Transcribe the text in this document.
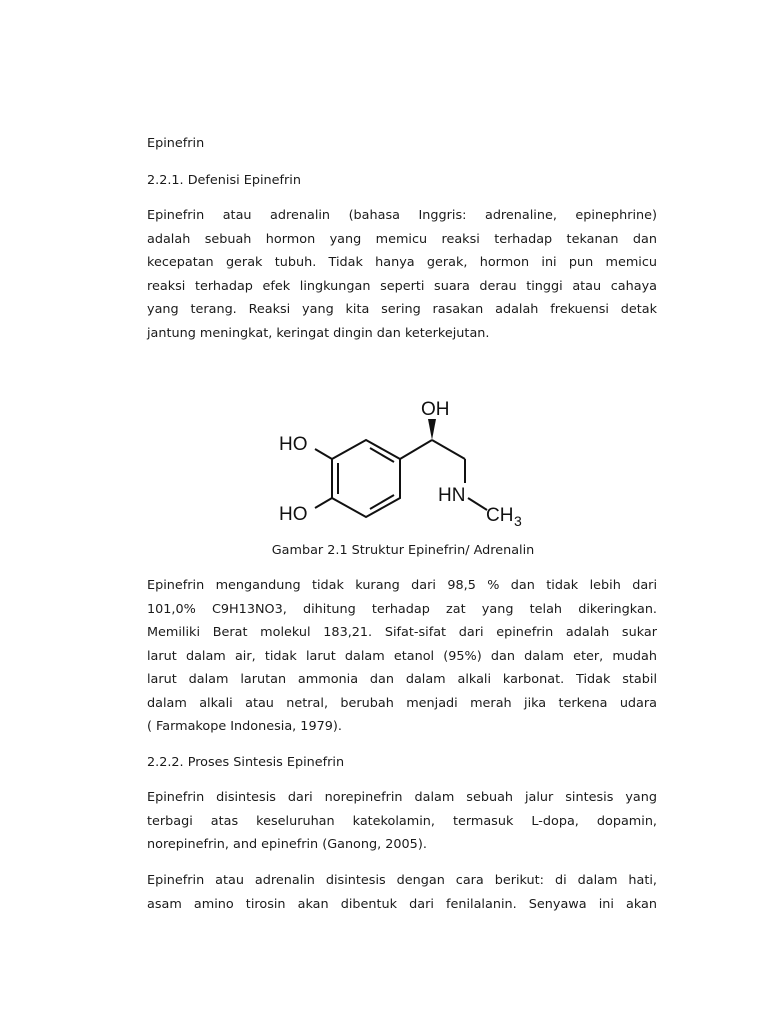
Epinefrin
2.2.1. Defenisi Epinefrin
Epinefrin atau adrenalin (bahasa Inggris: adrenaline, epinephrine)
adalah sebuah hormon yang memicu reaksi terhadap tekanan dan
kecepatan gerak tubuh. Tidak hanya gerak, hormon ini pun memicu
reaksi terhadap efek lingkungan seperti suara derau tinggi atau cahaya
yang terang. Reaksi yang kita sering rasakan adalah frekuensi detak
jantung meningkat, keringat dingin dan keterkejutan.
OH
HO
HO
HN
CH 3
Gambar 2.1 Struktur Epinefrin/ Adrenalin
Epinefrin mengandung tidak kurang dari 98,5 % dan tidak lebih dari
101,0% C9H13NO3, dihitung terhadap zat yang telah dikeringkan.
Memiliki Berat molekul 183,21. Sifat-sifat dari epinefrin adalah sukar
larut dalam air, tidak larut dalam etanol (95%) dan dalam eter, mudah
larut dalam larutan ammonia dan dalam alkali karbonat. Tidak stabil
dalam alkali atau netral, berubah menjadi merah jika terkena udara
( Farmakope Indonesia, 1979).
2.2.2. Proses Sintesis Epinefrin
Epinefrin disintesis dari norepinefrin dalam sebuah jalur sintesis yang
terbagi atas keseluruhan katekolamin, termasuk L-dopa, dopamin,
norepinefrin, and epinefrin (Ganong, 2005).
Epinefrin atau adrenalin disintesis dengan cara berikut: di dalam hati,
asam amino tirosin akan dibentuk dari fenilalanin. Senyawa ini akan
